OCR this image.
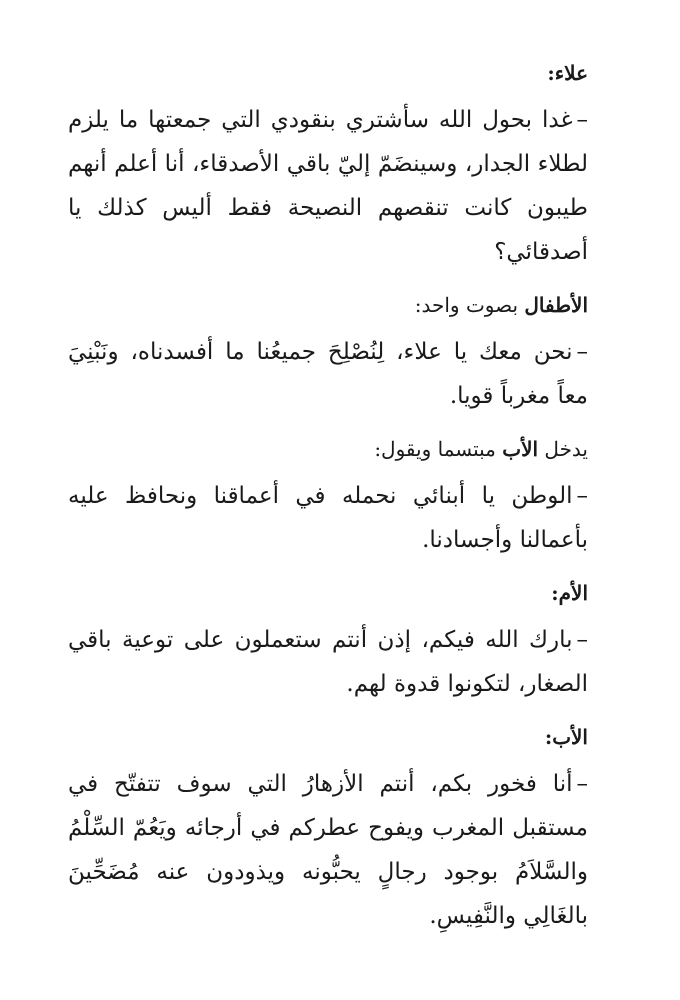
علاء:

–غدا بحول الله سأشتري بنقودي التي جمعتها ما يلزم لطلاء الجدار، وسينضَمّ إليّ باقي الأصدقاء، أنا أعلم أنهم طيبون كانت تنقصهم النصيحة فقط أليس كذلك يا أصدقائي؟

الأطفال بصوت واحد:

–نحن معك يا علاء، لِنُصْلِحَ جميعُنا ما أفسدناه، ونَبْنِيَ معاً مغرباً قويا.

يدخل الأب مبتسما ويقول:

–الوطن يا أبنائي نحمله في أعماقنا ونحافظ عليه بأعمالنا وأجسادنا.

الأم:

–بارك الله فيكم، إذن أنتم ستعملون على توعية باقي الصغار، لتكونوا قدوة لهم.

الأب:

–أنا فخور بكم، أنتم الأزهارُ التي سوف تتفتّح في مستقبل المغرب ويفوح عطركم في أرجائه ويَعُمّ السِّلْمُ والسَّلاَمُ بوجود رجالٍ يحبُّونه ويذودون عنه مُضَحِّينَ بالغَالِي والنَّفِيسِ.
